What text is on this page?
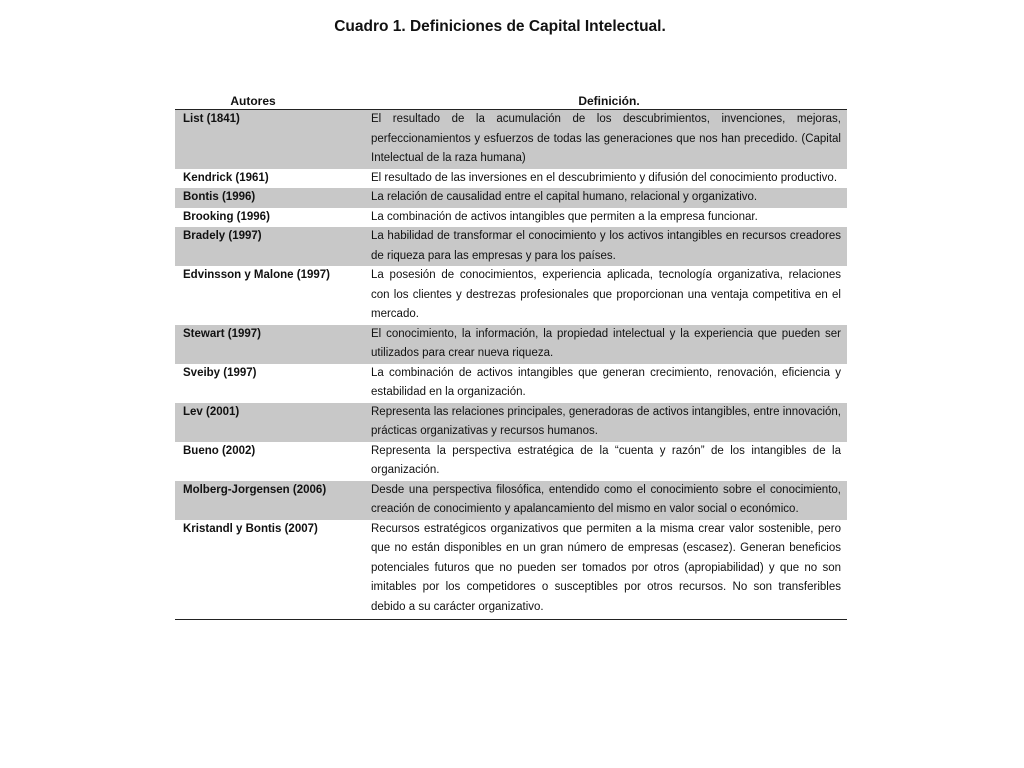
Cuadro 1. Definiciones de Capital Intelectual.
Autores	Definición.
List (1841)	El resultado de la acumulación de los descubrimientos, invenciones, mejoras, perfeccionamientos y esfuerzos de todas las generaciones que nos han precedido. (Capital Intelectual de la raza humana)
Kendrick (1961)	El resultado de las inversiones en el descubrimiento y difusión del conocimiento productivo.
Bontis (1996)	La relación de causalidad entre el capital humano, relacional y organizativo.
Brooking (1996)	La combinación de activos intangibles que permiten a la empresa funcionar.
Bradely (1997)	La habilidad de transformar el conocimiento y los activos intangibles en recursos creadores de riqueza para las empresas y para los países.
Edvinsson y Malone (1997)	La posesión de conocimientos, experiencia aplicada, tecnología organizativa, relaciones con los clientes y destrezas profesionales que proporcionan una ventaja competitiva en el mercado.
Stewart (1997)	El conocimiento, la información, la propiedad intelectual y la experiencia que pueden ser utilizados para crear nueva riqueza.
Sveiby (1997)	La combinación de activos intangibles que generan crecimiento, renovación, eficiencia y estabilidad en la organización.
Lev (2001)	Representa las relaciones principales, generadoras de activos intangibles, entre innovación, prácticas organizativas y recursos humanos.
Bueno (2002)	Representa la perspectiva estratégica de la “cuenta y razón” de los intangibles de la organización.
Molberg-Jorgensen (2006)	Desde una perspectiva filosófica, entendido como el conocimiento sobre el conocimiento, creación de conocimiento y apalancamiento del mismo en valor social o económico.
Kristandl y Bontis (2007)	Recursos estratégicos organizativos que permiten a la misma crear valor sostenible, pero que no están disponibles en un gran número de empresas (escasez). Generan beneficios potenciales futuros que no pueden ser tomados por otros (apropiabilidad) y que no son imitables por los competidores o susceptibles por otros recursos. No son transferibles debido a su carácter organizativo.
